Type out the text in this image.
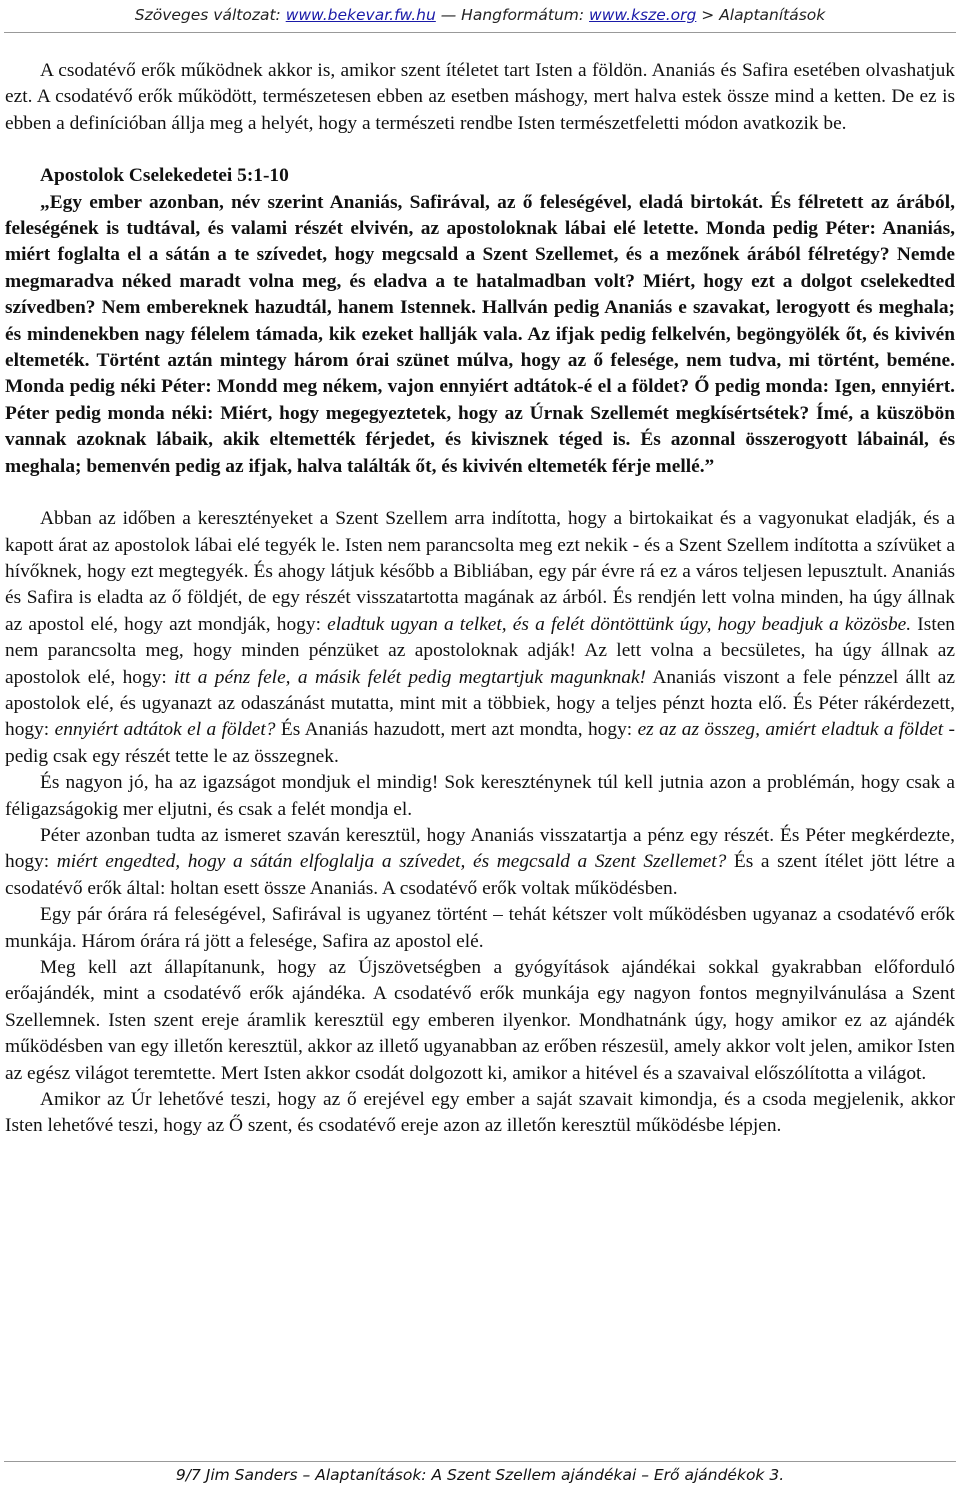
Szöveges változat: www.bekevar.fw.hu — Hangformátum: www.ksze.org > Alaptanítások

A csodatévő erők működnek akkor is, amikor szent ítéletet tart Isten a földön. Ananiás és Safira esetében olvashatjuk ezt. A csodatévő erők működött, természetesen ebben az esetben máshogy, mert halva estek össze mind a ketten. De ez is ebben a definícióban állja meg a helyét, hogy a természeti rendbe Isten természetfeletti módon avatkozik be.

Apostolok Cselekedetei 5:1-10

„Egy ember azonban, név szerint Ananiás, Safirával, az ő feleségével, eladá birtokát. És félretett az árából, feleségének is tudtával, és valami részét elvivén, az apostoloknak lábai elé letette. Monda pedig Péter: Ananiás, miért foglalta el a sátán a te szívedet, hogy megcsald a Szent Szellemet, és a mezőnek árából félretégy? Nemde megmaradva néked maradt volna meg, és eladva a te hatalmadban volt? Miért, hogy ezt a dolgot cselekedted szívedben? Nem embereknek hazudtál, hanem Istennek. Hallván pedig Ananiás e szavakat, lerogyott és meghala; és mindenekben nagy félelem támada, kik ezeket hallják vala. Az ifjak pedig felkelvén, begöngyölék őt, és kivivén eltemeték. Történt aztán mintegy három órai szünet múlva, hogy az ő felesége, nem tudva, mi történt, beméne. Monda pedig néki Péter: Mondd meg nékem, vajon ennyiért adtátok-é el a földet? Ő pedig monda: Igen, ennyiért. Péter pedig monda néki: Miért, hogy megegyeztetek, hogy az Úrnak Szellemét megkísértsétek? Ímé, a küszöbön vannak azoknak lábaik, akik eltemették férjedet, és kivisznek téged is. És azonnal összerogyott lábainál, és meghala; bemenvén pedig az ifjak, halva találták őt, és kivivén eltemeték férje mellé.”

Abban az időben a keresztényeket a Szent Szellem arra indította, hogy a birtokaikat és a vagyonukat eladják, és a kapott árat az apostolok lábai elé tegyék le. Isten nem parancsolta meg ezt nekik - és a Szent Szellem indította a szívüket a hívőknek, hogy ezt megtegyék. És ahogy látjuk később a Bibliában, egy pár évre rá ez a város teljesen lepusztult. Ananiás és Safira is eladta az ő földjét, de egy részét visszatartotta magának az árból. És rendjén lett volna minden, ha úgy állnak az apostol elé, hogy azt mondják, hogy: eladtuk ugyan a telket, és a felét döntöttünk úgy, hogy beadjuk a közösbe. Isten nem parancsolta meg, hogy minden pénzüket az apostoloknak adják! Az lett volna a becsületes, ha úgy állnak az apostolok elé, hogy: itt a pénz fele, a másik felét pedig megtartjuk magunknak! Ananiás viszont a fele pénzzel állt az apostolok elé, és ugyanazt az odaszánást mutatta, mint mit a többiek, hogy a teljes pénzt hozta elő. És Péter rákérdezett, hogy: ennyiért adtátok el a földet? És Ananiás hazudott, mert azt mondta, hogy: ez az az összeg, amiért eladtuk a földet - pedig csak egy részét tette le az összegnek.

És nagyon jó, ha az igazságot mondjuk el mindig! Sok kereszténynek túl kell jutnia azon a problémán, hogy csak a féligazságokig mer eljutni, és csak a felét mondja el.

Péter azonban tudta az ismeret szaván keresztül, hogy Ananiás visszatartja a pénz egy részét. És Péter megkérdezte, hogy: miért engedted, hogy a sátán elfoglalja a szívedet, és megcsald a Szent Szellemet? És a szent ítélet jött létre a csodatévő erők által: holtan esett össze Ananiás. A csodatévő erők voltak működésben.

Egy pár órára rá feleségével, Safirával is ugyanez történt – tehát kétszer volt működésben ugyanaz a csodatévő erők munkája. Három órára rá jött a felesége, Safira az apostol elé.

Meg kell azt állapítanunk, hogy az Újszövetségben a gyógyítások ajándékai sokkal gyakrabban előforduló erőajándék, mint a csodatévő erők ajándéka. A csodatévő erők munkája egy nagyon fontos megnyilvánulása a Szent Szellemnek. Isten szent ereje áramlik keresztül egy emberen ilyenkor. Mondhatnánk úgy, hogy amikor ez az ajándék működésben van egy illetőn keresztül, akkor az illető ugyanabban az erőben részesül, amely akkor volt jelen, amikor Isten az egész világot teremtette. Mert Isten akkor csodát dolgozott ki, amikor a hitével és a szavaival előszólította a világot.

Amikor az Úr lehetővé teszi, hogy az ő erejével egy ember a saját szavait kimondja, és a csoda megjelenik, akkor Isten lehetővé teszi, hogy az Ő szent, és csodatévő ereje azon az illetőn keresztül működésbe lépjen.

9/7 Jim Sanders – Alaptanítások: A Szent Szellem ajándékai – Erő ajándékok 3.
